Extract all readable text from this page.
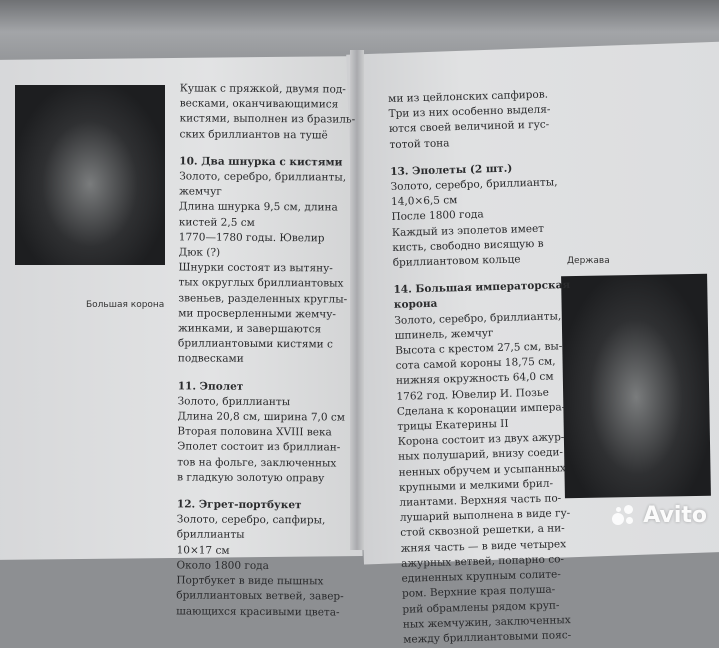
Большая корона
Держава
Кушак с пряжкой, двумя под-
весками, оканчивающимися
кистями, выполнен из бразиль-
ских бриллиантов на тушё
10. Два шнурка с кистями
Золото, серебро, бриллианты,
жемчуг
Длина шнурка 9,5 см, длина
кистей 2,5 см
1770—1780 годы. Ювелир
Дюк (?)
Шнурки состоят из вытяну-
тых округлых бриллиантовых
звеньев, разделенных круглы-
ми просверленными жемчу-
жинками, и завершаются
бриллиантовыми кистями с
подвесками
11. Эполет
Золото, бриллианты
Длина 20,8 см, ширина 7,0 см
Вторая половина XVIII века
Эполет состоит из бриллиан-
тов на фольге, заключенных
в гладкую золотую оправу
12. Эгрет-портбукет
Золото, серебро, сапфиры,
бриллианты
10×17 см
Около 1800 года
Портбукет в виде пышных
бриллиантовых ветвей, завер-
шающихся красивыми цвета-
ми из цейлонских сапфиров.
Три из них особенно выделя-
ются своей величиной и гус-
тотой тона
13. Эполеты (2 шт.)
Золото, серебро, бриллианты,
14,0×6,5 см
После 1800 года
Каждый из эполетов имеет
кисть, свободно висящую в
бриллиантовом кольце
14. Большая императорская
корона
Золото, серебро, бриллианты,
шпинель, жемчуг
Высота с крестом 27,5 см, вы-
сота самой короны 18,75 см,
нижняя окружность 64,0 см
1762 год. Ювелир И. Позье
Сделана к коронации импера-
трицы Екатерины II
Корона состоит из двух ажур-
ных полушарий, внизу соеди-
ненных обручем и усыпанных
крупными и мелкими брил-
лиантами. Верхняя часть по-
лушарий выполнена в виде гу-
стой сквозной решетки, а ни-
жняя часть — в виде четырех
ажурных ветвей, попарно со-
единенных крупным солите-
ром. Верхние края полуша-
рий обрамлены рядом круп-
ных жемчужин, заключенных
между бриллиантовыми пояс-
Avito
